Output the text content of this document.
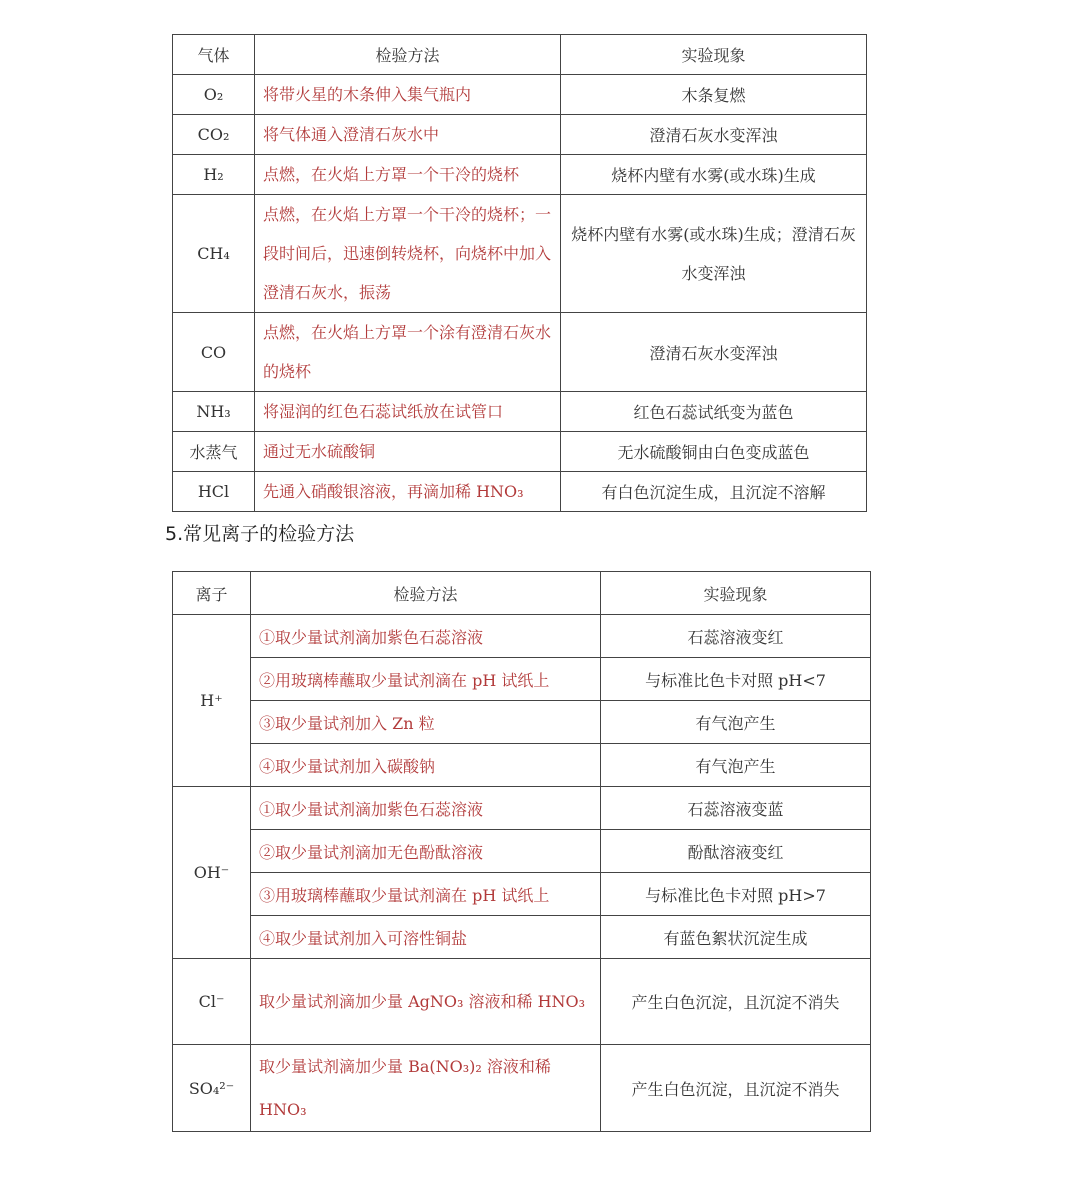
气体	检验方法	实验现象
O₂	将带火星的木条伸入集气瓶内	木条复燃
CO₂	将气体通入澄清石灰水中	澄清石灰水变浑浊
H₂	点燃，在火焰上方罩一个干冷的烧杯	烧杯内壁有水雾(或水珠)生成
CH₄	点燃，在火焰上方罩一个干冷的烧杯；一段时间后，迅速倒转烧杯，向烧杯中加入澄清石灰水，振荡	烧杯内壁有水雾(或水珠)生成；澄清石灰水变浑浊
CO	点燃，在火焰上方罩一个涂有澄清石灰水的烧杯	澄清石灰水变浑浊
NH₃	将湿润的红色石蕊试纸放在试管口	红色石蕊试纸变为蓝色
水蒸气	通过无水硫酸铜	无水硫酸铜由白色变成蓝色
HCl	先通入硝酸银溶液，再滴加稀 HNO₃	有白色沉淀生成，且沉淀不溶解
5.常见离子的检验方法
离子	检验方法	实验现象
H⁺	①取少量试剂滴加紫色石蕊溶液	石蕊溶液变红
	②用玻璃棒蘸取少量试剂滴在 pH 试纸上	与标准比色卡对照 pH<7
	③取少量试剂加入 Zn 粒	有气泡产生
	④取少量试剂加入碳酸钠	有气泡产生
OH⁻	①取少量试剂滴加紫色石蕊溶液	石蕊溶液变蓝
	②取少量试剂滴加无色酚酞溶液	酚酞溶液变红
	③用玻璃棒蘸取少量试剂滴在 pH 试纸上	与标准比色卡对照 pH>7
	④取少量试剂加入可溶性铜盐	有蓝色絮状沉淀生成
Cl⁻	取少量试剂滴加少量 AgNO₃ 溶液和稀 HNO₃	产生白色沉淀，且沉淀不消失
SO₄²⁻	取少量试剂滴加少量 Ba(NO₃)₂ 溶液和稀 HNO₃	产生白色沉淀，且沉淀不消失
